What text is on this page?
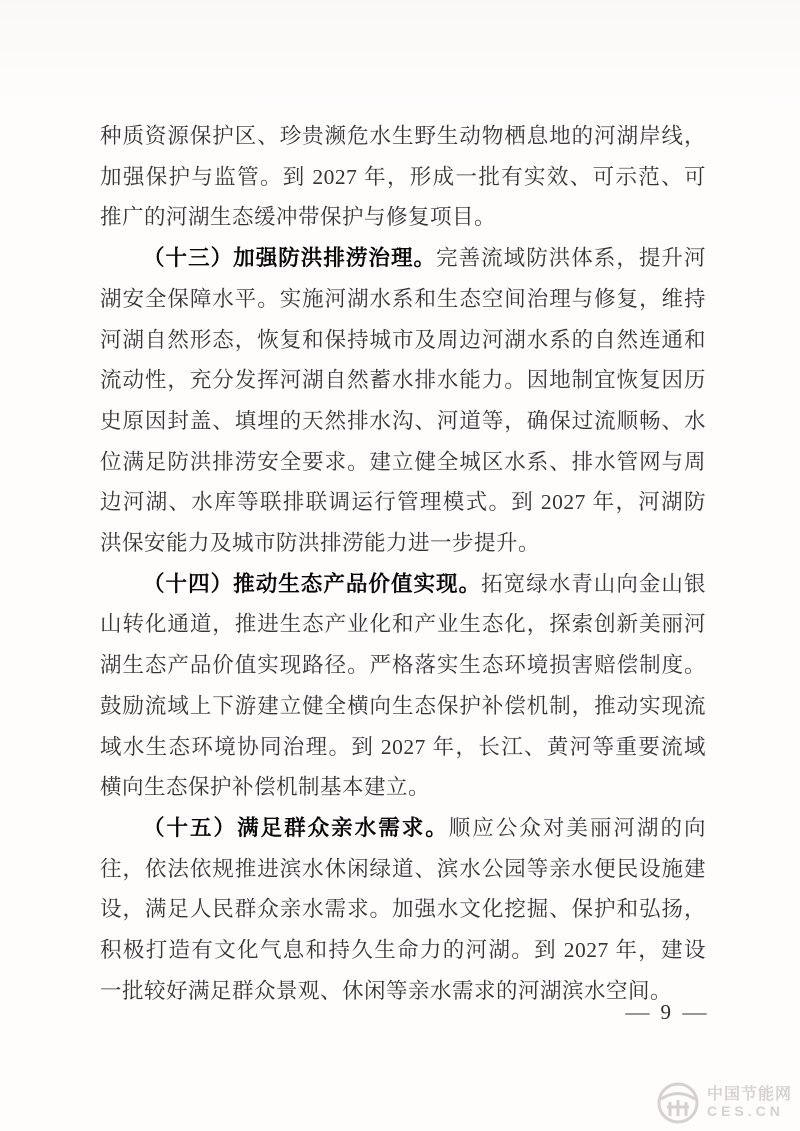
种质资源保护区、珍贵濒危水生野生动物栖息地的河湖岸线，加强保护与监管。到 2027 年，形成一批有实效、可示范、可推广的河湖生态缓冲带保护与修复项目。

（十三）加强防洪排涝治理。完善流域防洪体系，提升河湖安全保障水平。实施河湖水系和生态空间治理与修复，维持河湖自然形态，恢复和保持城市及周边河湖水系的自然连通和流动性，充分发挥河湖自然蓄水排水能力。因地制宜恢复因历史原因封盖、填埋的天然排水沟、河道等，确保过流顺畅、水位满足防洪排涝安全要求。建立健全城区水系、排水管网与周边河湖、水库等联排联调运行管理模式。到 2027 年，河湖防洪保安能力及城市防洪排涝能力进一步提升。

（十四）推动生态产品价值实现。拓宽绿水青山向金山银山转化通道，推进生态产业化和产业生态化，探索创新美丽河湖生态产品价值实现路径。严格落实生态环境损害赔偿制度。鼓励流域上下游建立健全横向生态保护补偿机制，推动实现流域水生态环境协同治理。到 2027 年，长江、黄河等重要流域横向生态保护补偿机制基本建立。

（十五）满足群众亲水需求。顺应公众对美丽河湖的向往，依法依规推进滨水休闲绿道、滨水公园等亲水便民设施建设，满足人民群众亲水需求。加强水文化挖掘、保护和弘扬，积极打造有文化气息和持久生命力的河湖。到 2027 年，建设一批较好满足群众景观、休闲等亲水需求的河湖滨水空间。

— 9 —
中国节能网
CES.CN
